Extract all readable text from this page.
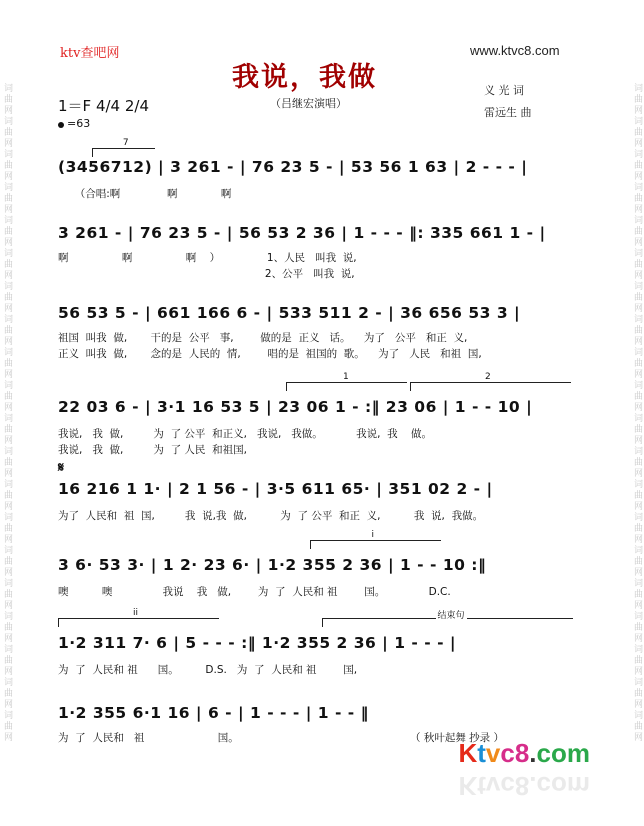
词曲网词曲网词曲网词曲网词曲网词曲网词曲网词曲网词曲网词曲网词曲网词曲网词曲网词曲网词曲网词曲网词曲网词曲网词曲网词曲网	词曲网词曲网词曲网词曲网词曲网词曲网词曲网词曲网词曲网词曲网词曲网词曲网词曲网词曲网词曲网词曲网词曲网词曲网词曲网词曲网
ktv查吧网	www.ktvc8.com
我说，我做
（吕继宏演唱）
义 光 词
雷远生 曲
1＝F 4/4 2/4
=63
(3456712) | 3 261 - | 76 23 5 - | 53 56 1 63 | 2 - - - |
（合唱:啊              啊             啊
7
3 261 - | 76 23 5 - | 56 53 2 36 | 1 - - - ‖: 335 661 1 - |
啊                啊                啊    ）              1、人民   叫我  说,
2、公平   叫我  说,
56 53 5 - | 661 166 6 - | 533 511 2 - | 36 656 53 3 |
祖国  叫我  做,       干的是  公平   事,        做的是  正义   话。    为了   公平   和正  义,
正义  叫我  做,       念的是  人民的  情,        唱的是  祖国的  歌。    为了   人民   和祖  国,
1	2
22 03 6 - | 3·1 16 53 5 | 23 06 1 - :‖ 23 06 | 1 - - 10 |
我说,   我  做,         为  了 公平  和正义,   我说,   我做。          我说,  我    做。
我说,   我  做,         为  了 人民  和祖国,
𝄋
16 216 1 1· | 2 1 56 - | 3·5 611 65· | 351 02 2 - |
为了  人民和  祖  国,         我  说,我  做,          为  了 公平  和正  义,          我  说,  我做。
i
3 6· 53 3· | 1 2· 23 6· | 1·2 355 2 36 | 1 - - 10 :‖
噢          噢               我说    我   做,        为  了  人民和 祖        国。             D.C.
ii	结束句
1·2 311 7· 6 | 5 - - - :‖ 1·2 355 2 36 | 1 - - - |
为  了  人民和 祖      国。        D.S.   为  了  人民和 祖        国,
1·2 355 6·1 16 | 6 - | 1 - - - | 1 - - ‖
为  了  人民和   祖                      国。	（ 秋叶起舞 抄录 ）
Ktvc8.com
Ktvc8.com
